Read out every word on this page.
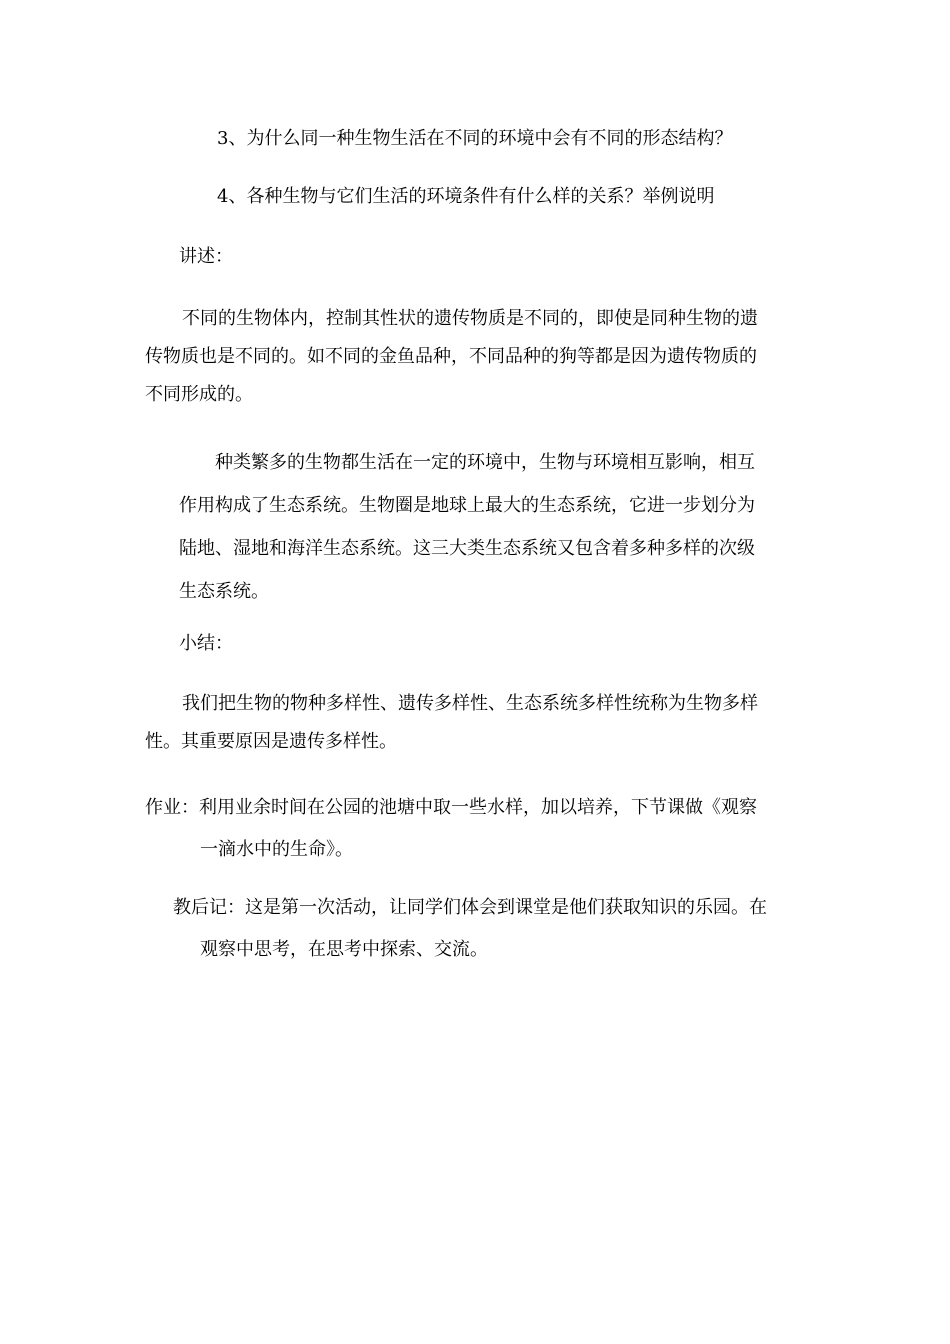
3、为什么同一种生物生活在不同的环境中会有不同的形态结构？

4、各种生物与它们生活的环境条件有什么样的关系？举例说明

讲述：

不同的生物体内，控制其性状的遗传物质是不同的，即使是同种生物的遗
传物质也是不同的。如不同的金鱼品种，不同品种的狗等都是因为遗传物质的
不同形成的。
种类繁多的生物都生活在一定的环境中，生物与环境相互影响，相互
作用构成了生态系统。生物圈是地球上最大的生态系统，它进一步划分为
陆地、湿地和海洋生态系统。这三大类生态系统又包含着多种多样的次级
生态系统。

小结：

我们把生物的物种多样性、遗传多样性、生态系统多样性统称为生物多样
性。其重要原因是遗传多样性。
作业：利用业余时间在公园的池塘中取一些水样，加以培养，下节课做《观察
一滴水中的生命》。
教后记：这是第一次活动，让同学们体会到课堂是他们获取知识的乐园。在
观察中思考，在思考中探索、交流。
